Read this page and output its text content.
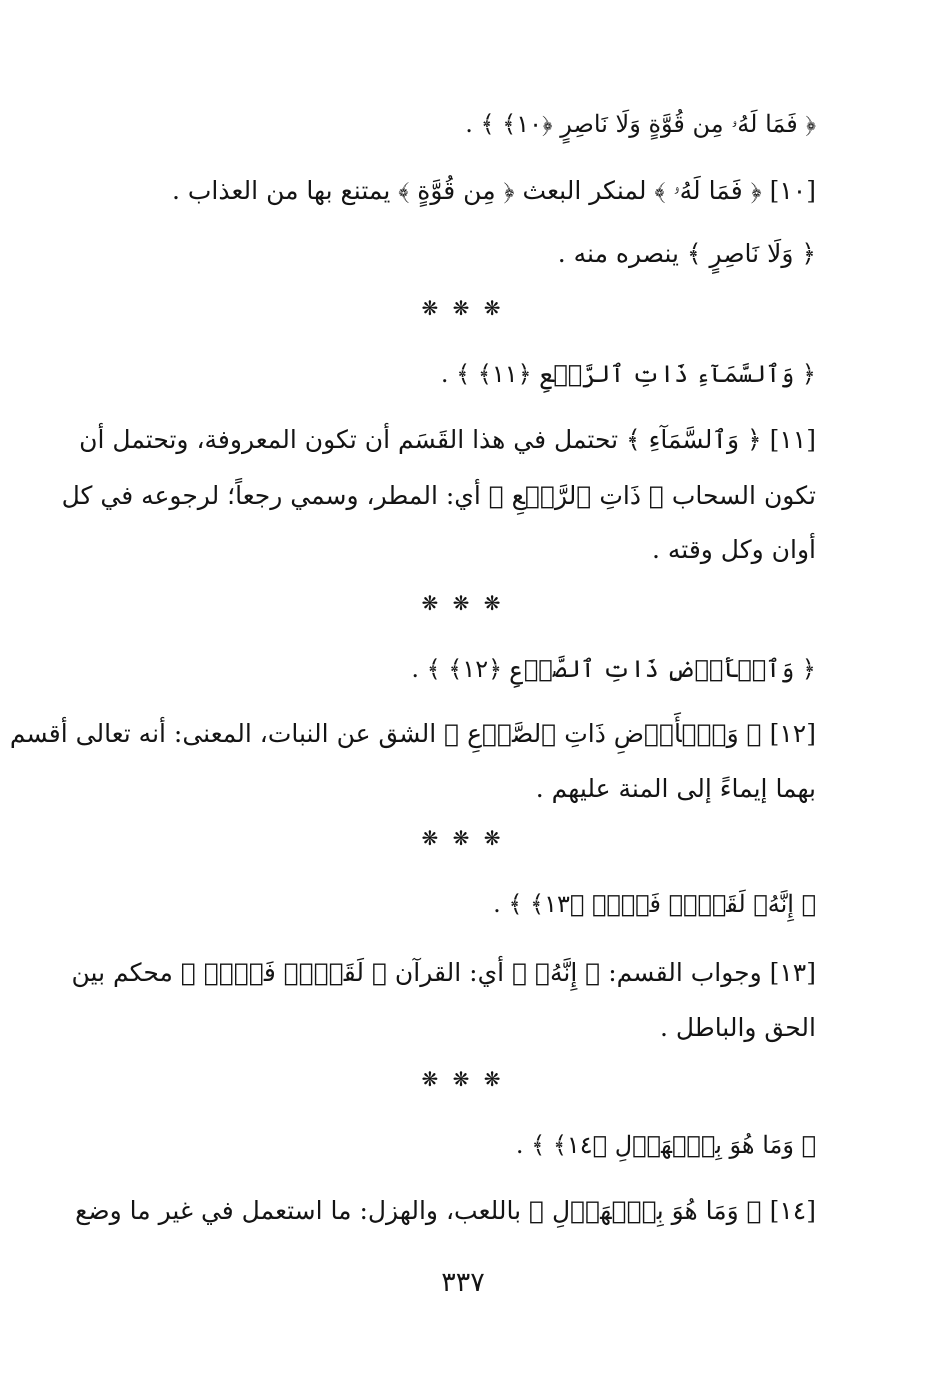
﴿ فَمَا لَهُۥ مِن قُوَّةٍ وَلَا نَاصِرٍ ﴿١٠﴾ ﴾ .
[١٠] ﴿ فَمَا لَهُۥ ﴾ لمنكر البعث ﴿ مِن قُوَّةٍ ﴾ يمتنع بها من العذاب .
﴿ وَلَا نَاصِرٍ ﴾ ينصره منه .
❋ ❋ ❋
﴿ وَٱلسَّمَآءِ ذَاتِ ٱلرَّجۡعِ ﴿١١﴾ ﴾ .
[١١] ﴿ وَٱلسَّمَآءِ ﴾ تحتمل في هذا القَسَم أن تكون المعروفة، وتحتمل أن
تكون السحاب ﴿ ذَاتِ ٱلرَّجۡعِ ﴾ أي: المطر، وسمي رجعاً؛ لرجوعه في كل
أوان وكل وقته .
❋ ❋ ❋
﴿ وَٱلۡأَرۡضِ ذَاتِ ٱلصَّدۡعِ ﴿١٢﴾ ﴾ .
[١٢] ﴿ وَٱلۡأَرۡضِ ذَاتِ ٱلصَّدۡعِ ﴾ الشق عن النبات، المعنى: أنه تعالى أقسم
بهما إيماءً إلى المنة عليهم .
❋ ❋ ❋
﴿ إِنَّهُۥ لَقَوۡلٞ فَصۡلٞ ﴿١٣﴾ ﴾ .
[١٣] وجواب القسم: ﴿ إِنَّهُۥ ﴾ أي: القرآن ﴿ لَقَوۡلٞ فَصۡلٞ ﴾ محكم بين
الحق والباطل .
❋ ❋ ❋
﴿ وَمَا هُوَ بِٱلۡهَزۡلِ ﴿١٤﴾ ﴾ .
[١٤] ﴿ وَمَا هُوَ بِٱلۡهَزۡلِ ﴾ باللعب، والهزل: ما استعمل في غير ما وضع
٣٣٧
